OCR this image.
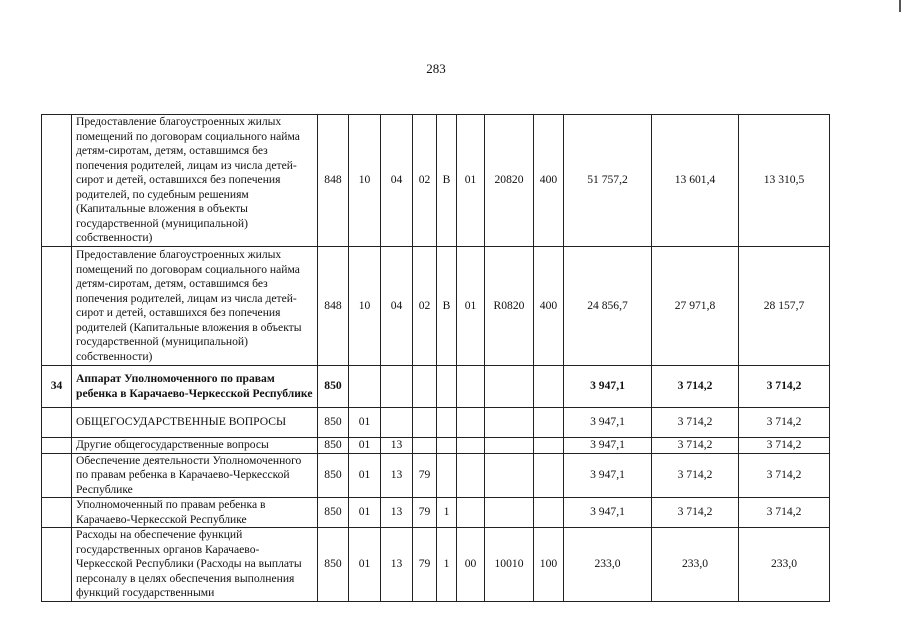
283
	Предоставление благоустроенных жилых помещений по договорам социального найма детям-сиротам, детям, оставшимся без попечения родителей, лицам из числа детей-сирот и детей, оставшихся без попечения родителей, по судебным решениям (Капитальные вложения в объекты государственной (муниципальной) собственности)	848	10	04	02	В	01	20820	400	51 757,2	13 601,4	13 310,5
	Предоставление благоустроенных жилых помещений по договорам социального найма детям-сиротам, детям, оставшимся без попечения родителей, лицам из числа детей-сирот и детей, оставшихся без попечения родителей (Капитальные вложения в объекты государственной (муниципальной) собственности)	848	10	04	02	В	01	R0820	400	24 856,7	27 971,8	28 157,7
34	Аппарат Уполномоченного по правам ребенка в Карачаево-Черкесской Республике	850								3 947,1	3 714,2	3 714,2
	ОБЩЕГОСУДАРСТВЕННЫЕ ВОПРОСЫ	850	01							3 947,1	3 714,2	3 714,2
	Другие общегосударственные вопросы	850	01	13						3 947,1	3 714,2	3 714,2
	Обеспечение деятельности Уполномоченного по правам ребенка в Карачаево-Черкесской Республике	850	01	13	79					3 947,1	3 714,2	3 714,2
	Уполномоченный по правам ребенка в Карачаево-Черкесской Республике	850	01	13	79	1				3 947,1	3 714,2	3 714,2
	Расходы на обеспечение функций государственных органов Карачаево-Черкесской Республики (Расходы на выплаты персоналу в целях обеспечения выполнения функций государственными	850	01	13	79	1	00	10010	100	233,0	233,0	233,0
